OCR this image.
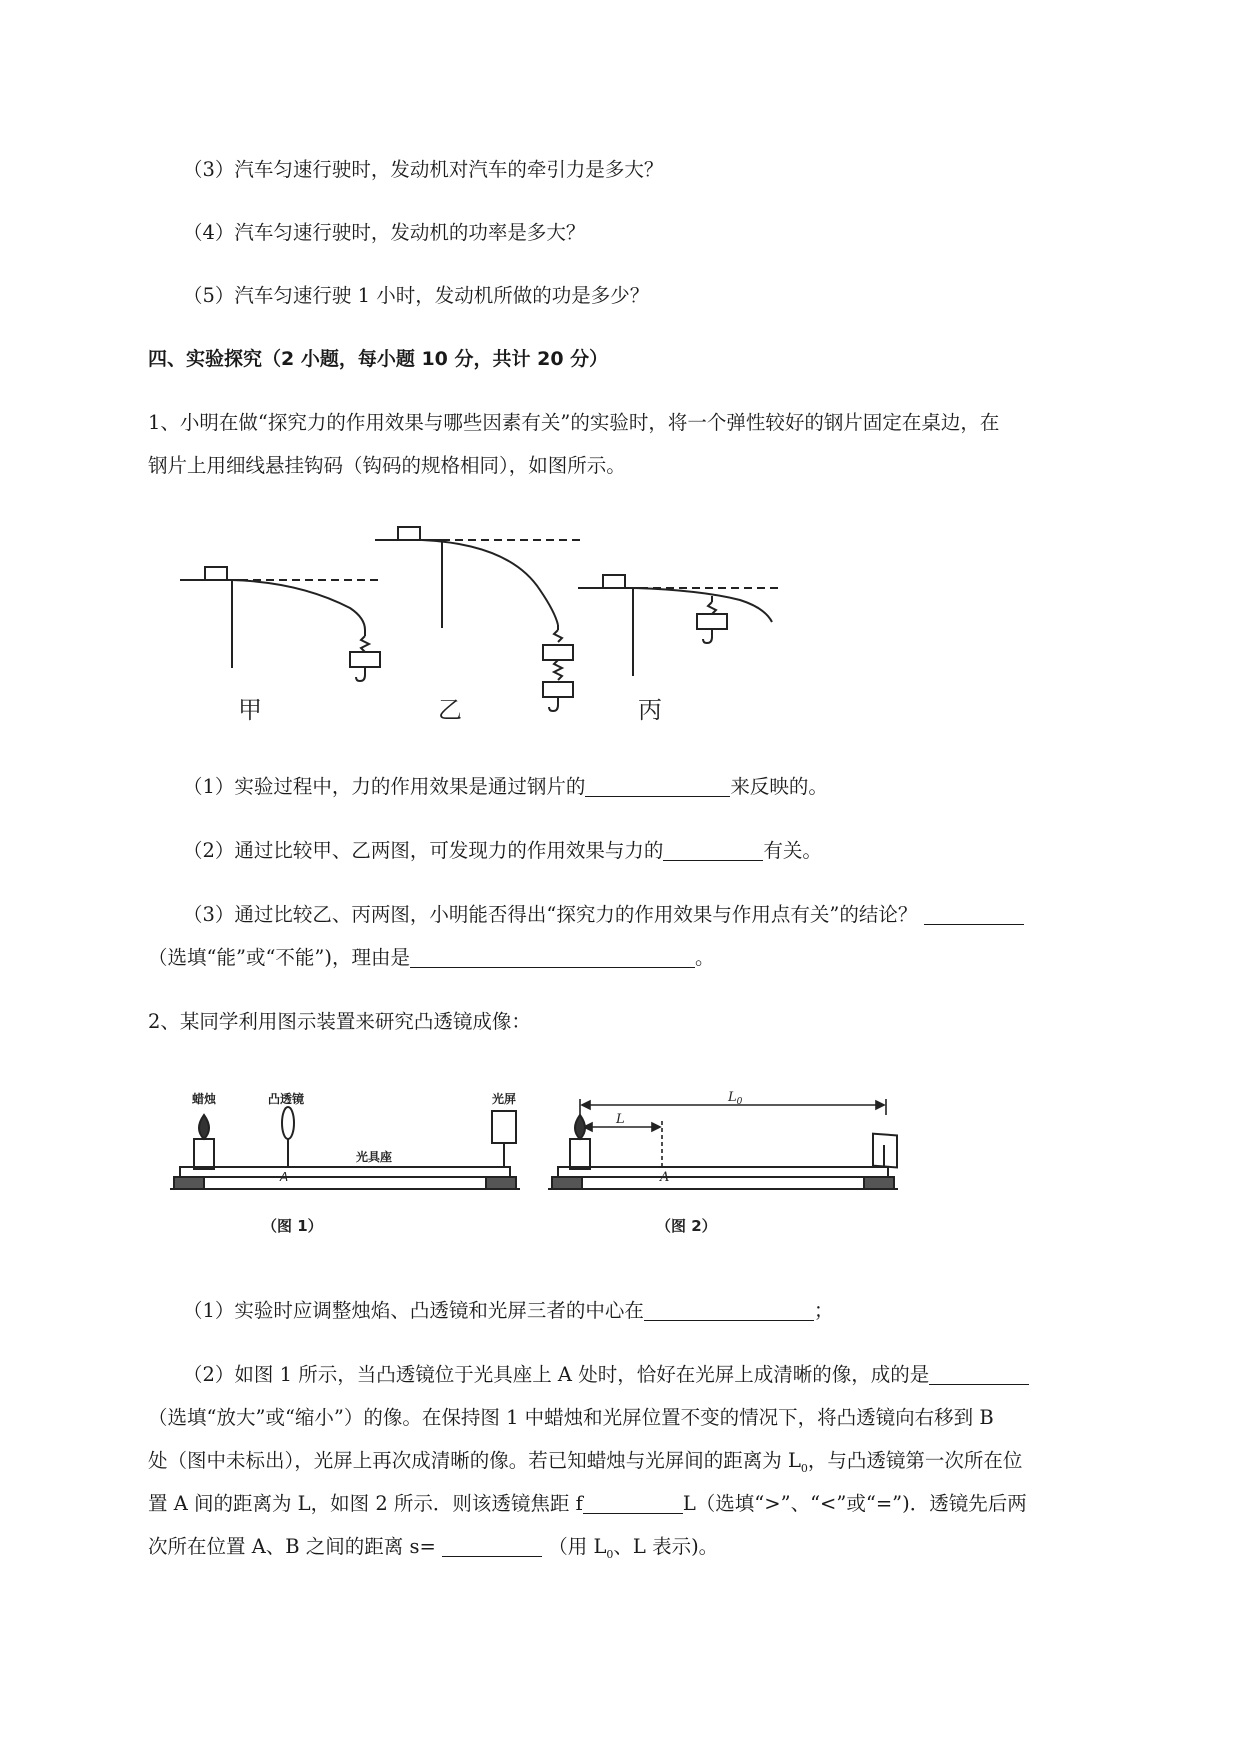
（3）汽车匀速行驶时，发动机对汽车的牵引力是多大？
（4）汽车匀速行驶时，发动机的功率是多大？
（5）汽车匀速行驶 1 小时，发动机所做的功是多少？
四、实验探究（2 小题，每小题 10 分，共计 20 分）
1、小明在做“探究力的作用效果与哪些因素有关”的实验时，将一个弹性较好的钢片固定在桌边，在
钢片上用细线悬挂钩码（钩码的规格相同），如图所示。
甲	乙	丙
（1）实验过程中，力的作用效果是通过钢片的	来反映的。
（2）通过比较甲、乙两图，可发现力的作用效果与力的	有关。
（3）通过比较乙、丙两图，小明能否得出“探究力的作用效果与作用点有关”的结论？
（选填“能”或“不能”)，理由是	。
2、某同学利用图示装置来研究凸透镜成像：
蜡烛	凸透镜	光屏
光具座
A
（图 1）
$L_0$
L
A
（图 2）
（1）实验时应调整烛焰、凸透镜和光屏三者的中心在	；
（2）如图 1 所示，当凸透镜位于光具座上 A 处时，恰好在光屏上成清晰的像，成的是
（选填“放大”或“缩小”）的像。在保持图 1 中蜡烛和光屏位置不变的情况下，将凸透镜向右移到 B
处（图中未标出），光屏上再次成清晰的像。若已知蜡烛与光屏间的距离为 $L_0$，与凸透镜第一次所在位
置 A 间的距离为 L，如图 2 所示．则该透镜焦距 f	L（选填“>”、“<”或“=”)．透镜先后两
次所在位置 A、B 之间的距离 s=	（用 $L_0$、L 表示)。
